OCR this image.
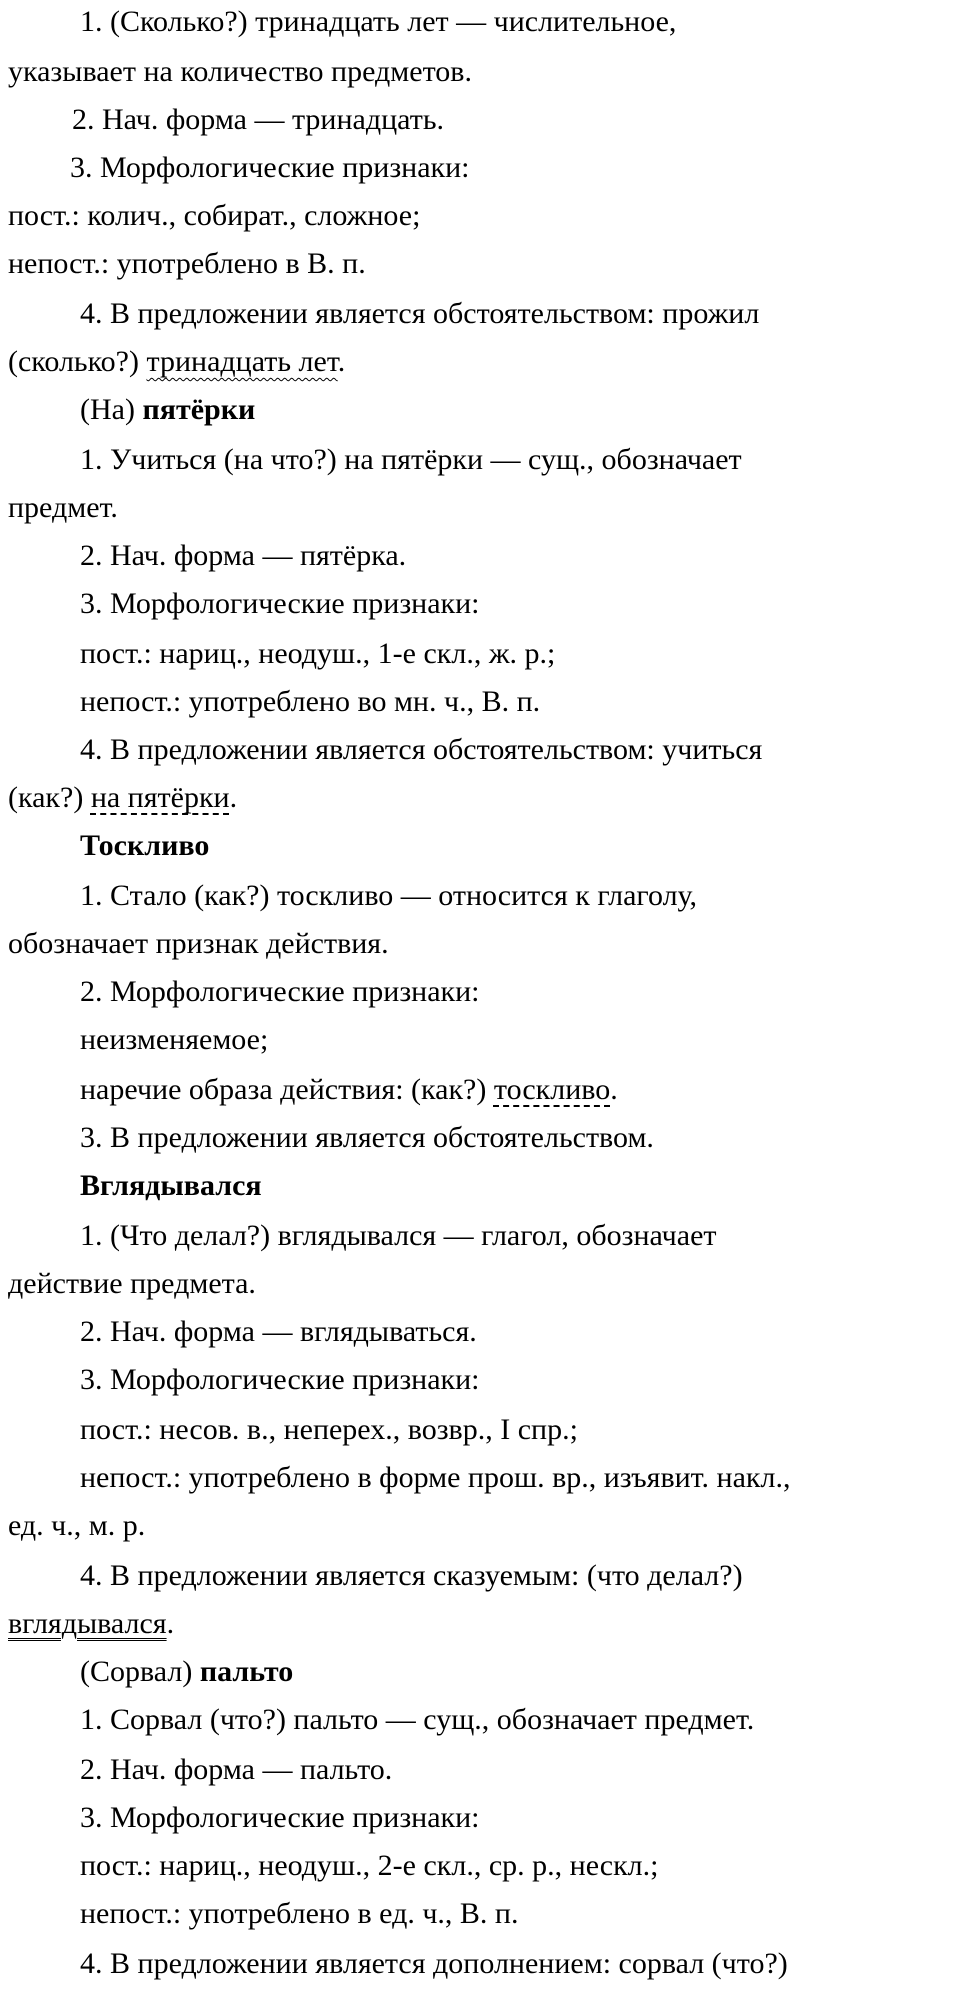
1. (Сколько?) тринадцать лет — числительное,
указывает на количество предметов.
2. Нач. форма — тринадцать.
3. Морфологические признаки:
пост.: колич., собират., сложное;
непост.: употреблено в В. п.
4. В предложении является обстоятельством: прожил
(сколько?) тринадцать лет.
(На) пятёрки
1. Учиться (на что?) на пятёрки — сущ., обозначает
предмет.
2. Нач. форма — пятёрка.
3. Морфологические признаки:
пост.: нариц., неодуш., 1-е скл., ж. р.;
непост.: употреблено во мн. ч., В. п.
4. В предложении является обстоятельством: учиться
(как?) на пятёрки.
Тоскливо
1. Стало (как?) тоскливо — относится к глаголу,
обозначает признак действия.
2. Морфологические признаки:
неизменяемое;
наречие образа действия: (как?) тоскливо.
3. В предложении является обстоятельством.
Вглядывался
1. (Что делал?) вглядывался — глагол, обозначает
действие предмета.
2. Нач. форма — вглядываться.
3. Морфологические признаки:
пост.: несов. в., неперех., возвр., I спр.;
непост.: употреблено в форме прош. вр., изъявит. накл.,
ед. ч., м. р.
4. В предложении является сказуемым: (что делал?)
вглядывался.
(Сорвал) пальто
1. Сорвал (что?) пальто — сущ., обозначает предмет.
2. Нач. форма — пальто.
3. Морфологические признаки:
пост.: нариц., неодуш., 2-е скл., ср. р., нескл.;
непост.: употреблено в ед. ч., В. п.
4. В предложении является дополнением: сорвал (что?)
